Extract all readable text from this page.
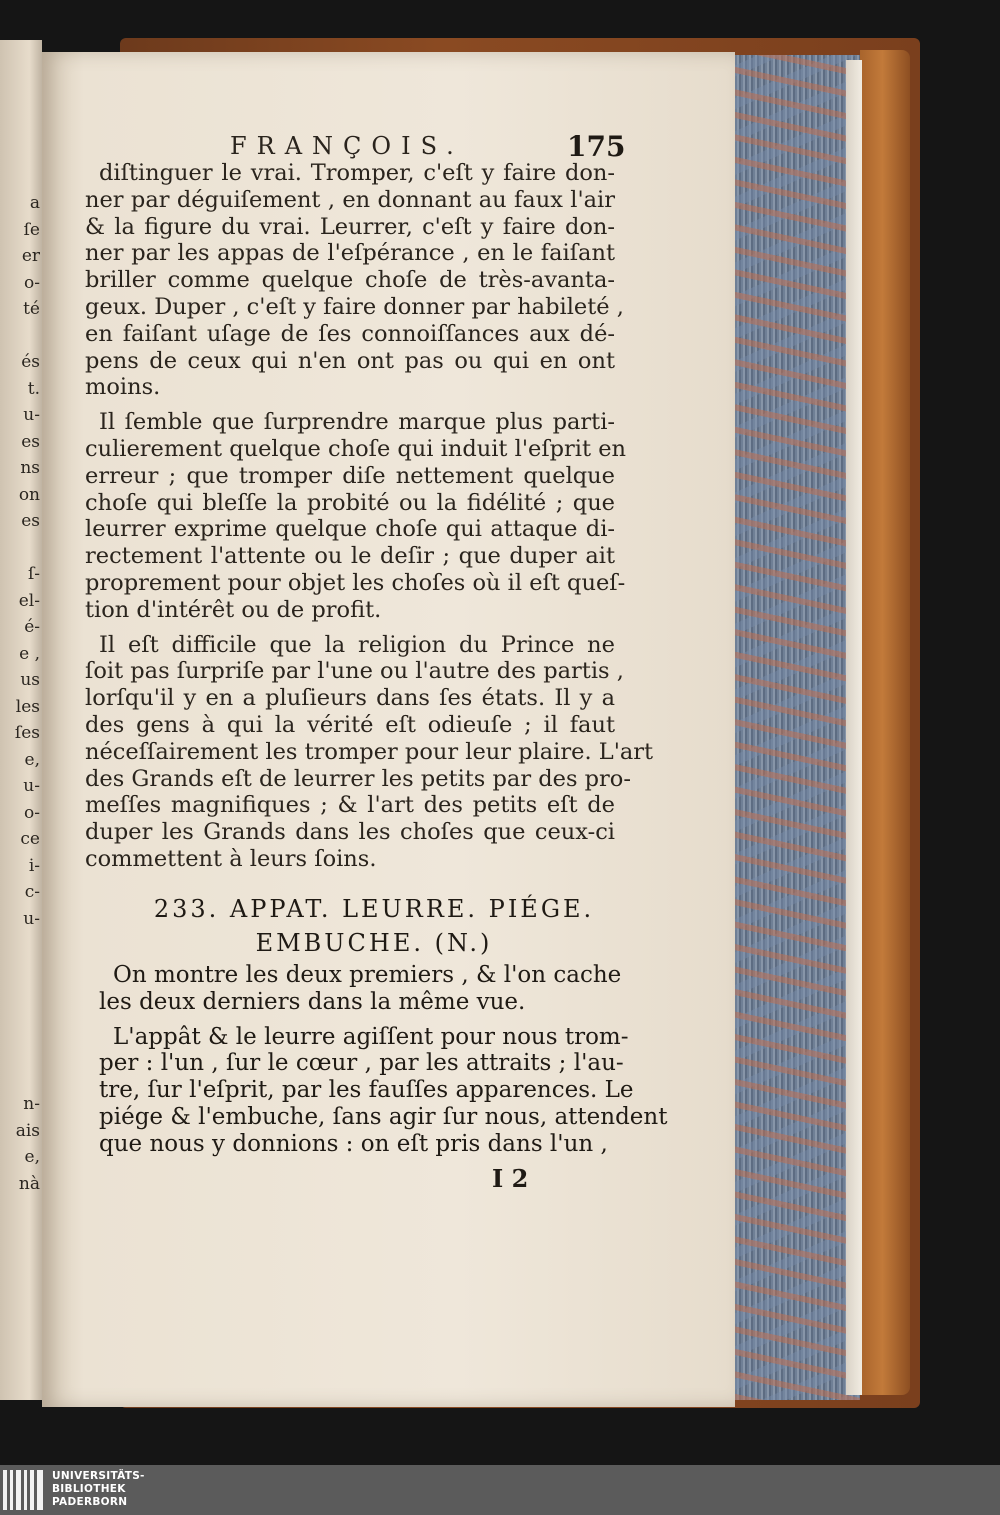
a
ſe
er
o-
té
és
t.
u-
es
ns
on
es
ſ-
el-
é-
e ,
us
les
ſes
e,
u-
o-
ce
i-
c-
u-
n-
ais
e,
nà
FRANÇOIS.	175
diſtinguer le vrai. Tromper, c'eſt y faire don-
ner par déguiſement , en donnant au faux l'air
& la figure du vrai. Leurrer, c'eſt y faire don-
ner par les appas de l'eſpérance , en le faiſant
briller comme quelque choſe de très-avanta-
geux. Duper , c'eſt y faire donner par habileté ,
en faiſant uſage de ſes connoiſſances aux dé-
pens de ceux qui n'en ont pas ou qui en ont
moins.
Il ſemble que ſurprendre marque plus parti-
culierement quelque choſe qui induit l'eſprit en
erreur ; que tromper diſe nettement quelque
choſe qui bleſſe la probité ou la fidélité ; que
leurrer exprime quelque choſe qui attaque di-
rectement l'attente ou le deſir ; que duper ait
proprement pour objet les choſes où il eſt queſ-
tion d'intérêt ou de profit.
Il eſt difficile que la religion du Prince ne
ſoit pas ſurpriſe par l'une ou l'autre des partis ,
lorſqu'il y en a pluſieurs dans ſes états. Il y a
des gens à qui la vérité eſt odieuſe ; il faut
néceſſairement les tromper pour leur plaire. L'art
des Grands eſt de leurrer les petits par des pro-
meſſes magnifiques ; & l'art des petits eſt de
duper les Grands dans les choſes que ceux-ci
commettent à leurs ſoins.
233. APPAT. LEURRE. PIÉGE.
EMBUCHE. (N.)
On montre les deux premiers , & l'on cache
les deux derniers dans la même vue.
L'appât & le leurre agiſſent pour nous trom-
per : l'un , ſur le cœur , par les attraits ; l'au-
tre, ſur l'eſprit, par les fauſſes apparences. Le
piége & l'embuche, ſans agir ſur nous, attendent
que nous y donnions : on eſt pris dans l'un ,
I 2
UNIVERSITÄTS-
BIBLIOTHEK
PADERBORN
